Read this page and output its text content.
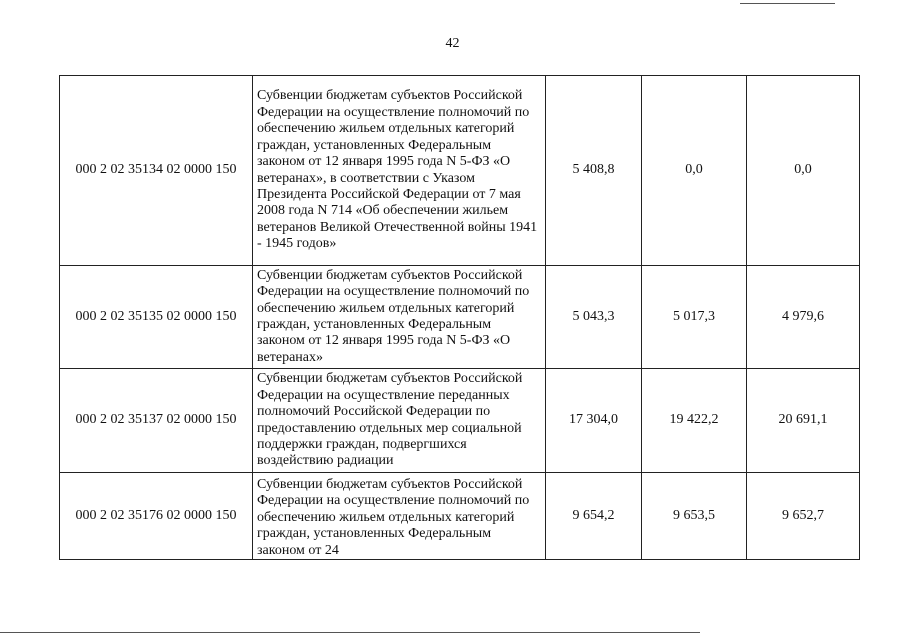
42
000 2 02 35134 02 0000 150	Субвенции бюджетам субъектов Российской Федерации на осуществление полномочий по обеспечению жильем отдельных категорий граждан, установленных Федеральным законом от 12 января 1995 года N 5-ФЗ «О ветеранах», в соответствии с Указом Президента Российской Федерации от 7 мая 2008 года N 714 «Об обеспечении жильем ветеранов Великой Отечественной войны 1941 - 1945 годов»	5 408,8	0,0	0,0
000 2 02 35135 02 0000 150	Субвенции бюджетам субъектов Российской Федерации на осуществление полномочий по обеспечению жильем отдельных категорий граждан, установленных Федеральным законом от 12 января 1995 года N 5-ФЗ «О ветеранах»	5 043,3	5 017,3	4 979,6
000 2 02 35137 02 0000 150	Субвенции бюджетам субъектов Российской Федерации на осуществление переданных полномочий Российской Федерации по предоставлению отдельных мер социальной поддержки граждан, подвергшихся воздействию радиации	17 304,0	19 422,2	20 691,1
000 2 02 35176 02 0000 150	Субвенции бюджетам субъектов Российской Федерации на осуществление полномочий по обеспечению жильем отдельных категорий граждан, установленных Федеральным законом от 24	9 654,2	9 653,5	9 652,7
